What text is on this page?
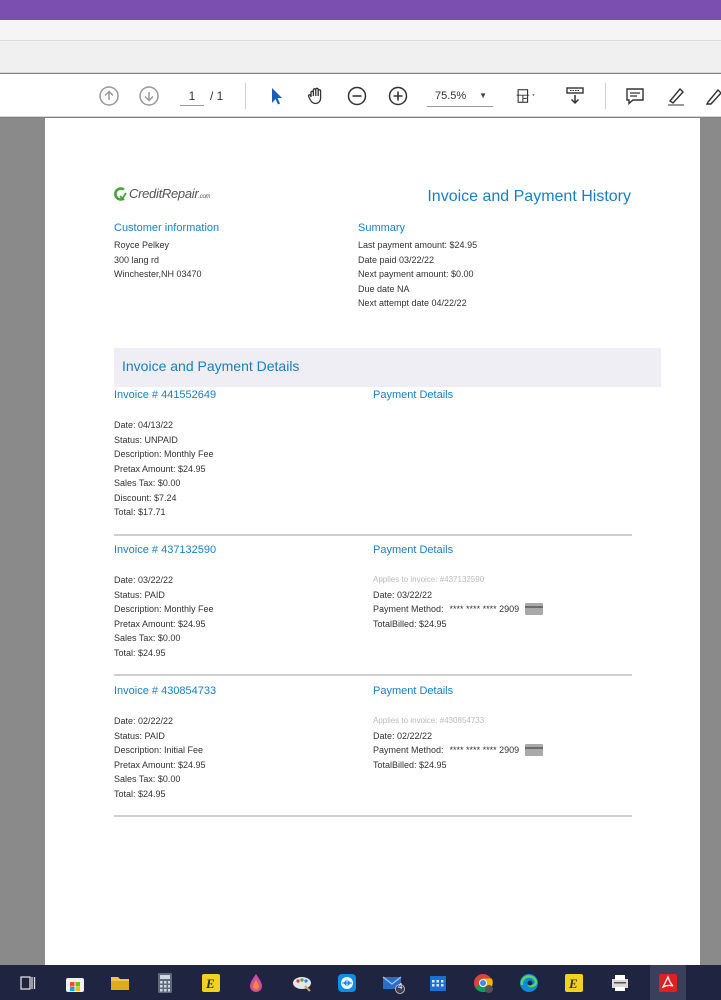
1	/ 1	75.5% ▼
CreditRepair.com	Invoice and Payment History
Customer information
Royce Pelkey
300 lang rd
Winchester,NH 03470
Summary
Last payment amount: $24.95
Date paid 03/22/22
Next payment amount: $0.00
Due date NA
Next attempt date 04/22/22
Invoice and Payment Details
Invoice # 441552649	Payment Details
Date: 04/13/22
Status: UNPAID
Description: Monthly Fee
Pretax Amount: $24.95
Sales Tax: $0.00
Discount: $7.24
Total: $17.71
Invoice # 437132590	Payment Details
Date: 03/22/22
Status: PAID
Description: Monthly Fee
Pretax Amount: $24.95
Sales Tax: $0.00
Total: $24.95
Applies to invoice: #437132590
Date: 03/22/22
Payment Method: **** **** **** 2909
TotalBilled: $24.95
Invoice # 430854733	Payment Details
Date: 02/22/22
Status: PAID
Description: Initial Fee
Pretax Amount: $24.95
Sales Tax: $0.00
Total: $24.95
Applies to invoice: #430854733
Date: 02/22/22
Payment Method: **** **** **** 2909
TotalBilled: $24.95
E	4	E
